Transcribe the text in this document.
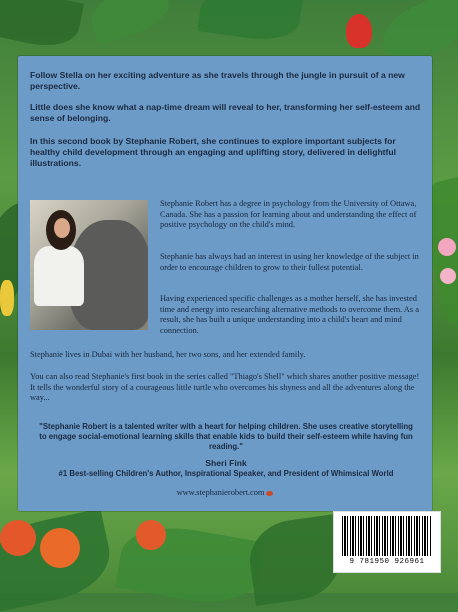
Follow Stella on her exciting adventure as she travels through the jungle in pursuit of a new perspective.

Little does she know what a nap-time dream will reveal to her, transforming her self-esteem and sense of belonging.

In this second book by Stephanie Robert, she continues to explore important subjects for healthy child development through an engaging and uplifting story, delivered in delightful illustrations.

Stephanie Robert has a degree in psychology from the University of Ottawa, Canada. She has a passion for learning about and understanding the effect of positive psychology on the child's mind.

Stephanie has always had an interest in using her knowledge of the subject in order to encourage children to grow to their fullest potential.

Having experienced specific challenges as a mother herself, she has invested time and energy into researching alternative methods to overcome them. As a result, she has built a unique understanding into a child's heart and mind connection.

Stephanie lives in Dubai with her husband, her two sons, and her extended family.

You can also read Stephanie's first book in the series called "Thiago's Shell" which shares another positive message! It tells the wonderful story of a courageous little turtle who overcomes his shyness and all the adventures along the way...

"Stephanie Robert is a talented writer with a heart for helping children. She uses creative storytelling to engage social-emotional learning skills that enable kids to build their self-esteem while having fun reading."

Sheri Fink

#1 Best-selling Children's Author, Inspirational Speaker, and President of Whimsical World

www.stephanierobert.com
9 781950 926961
